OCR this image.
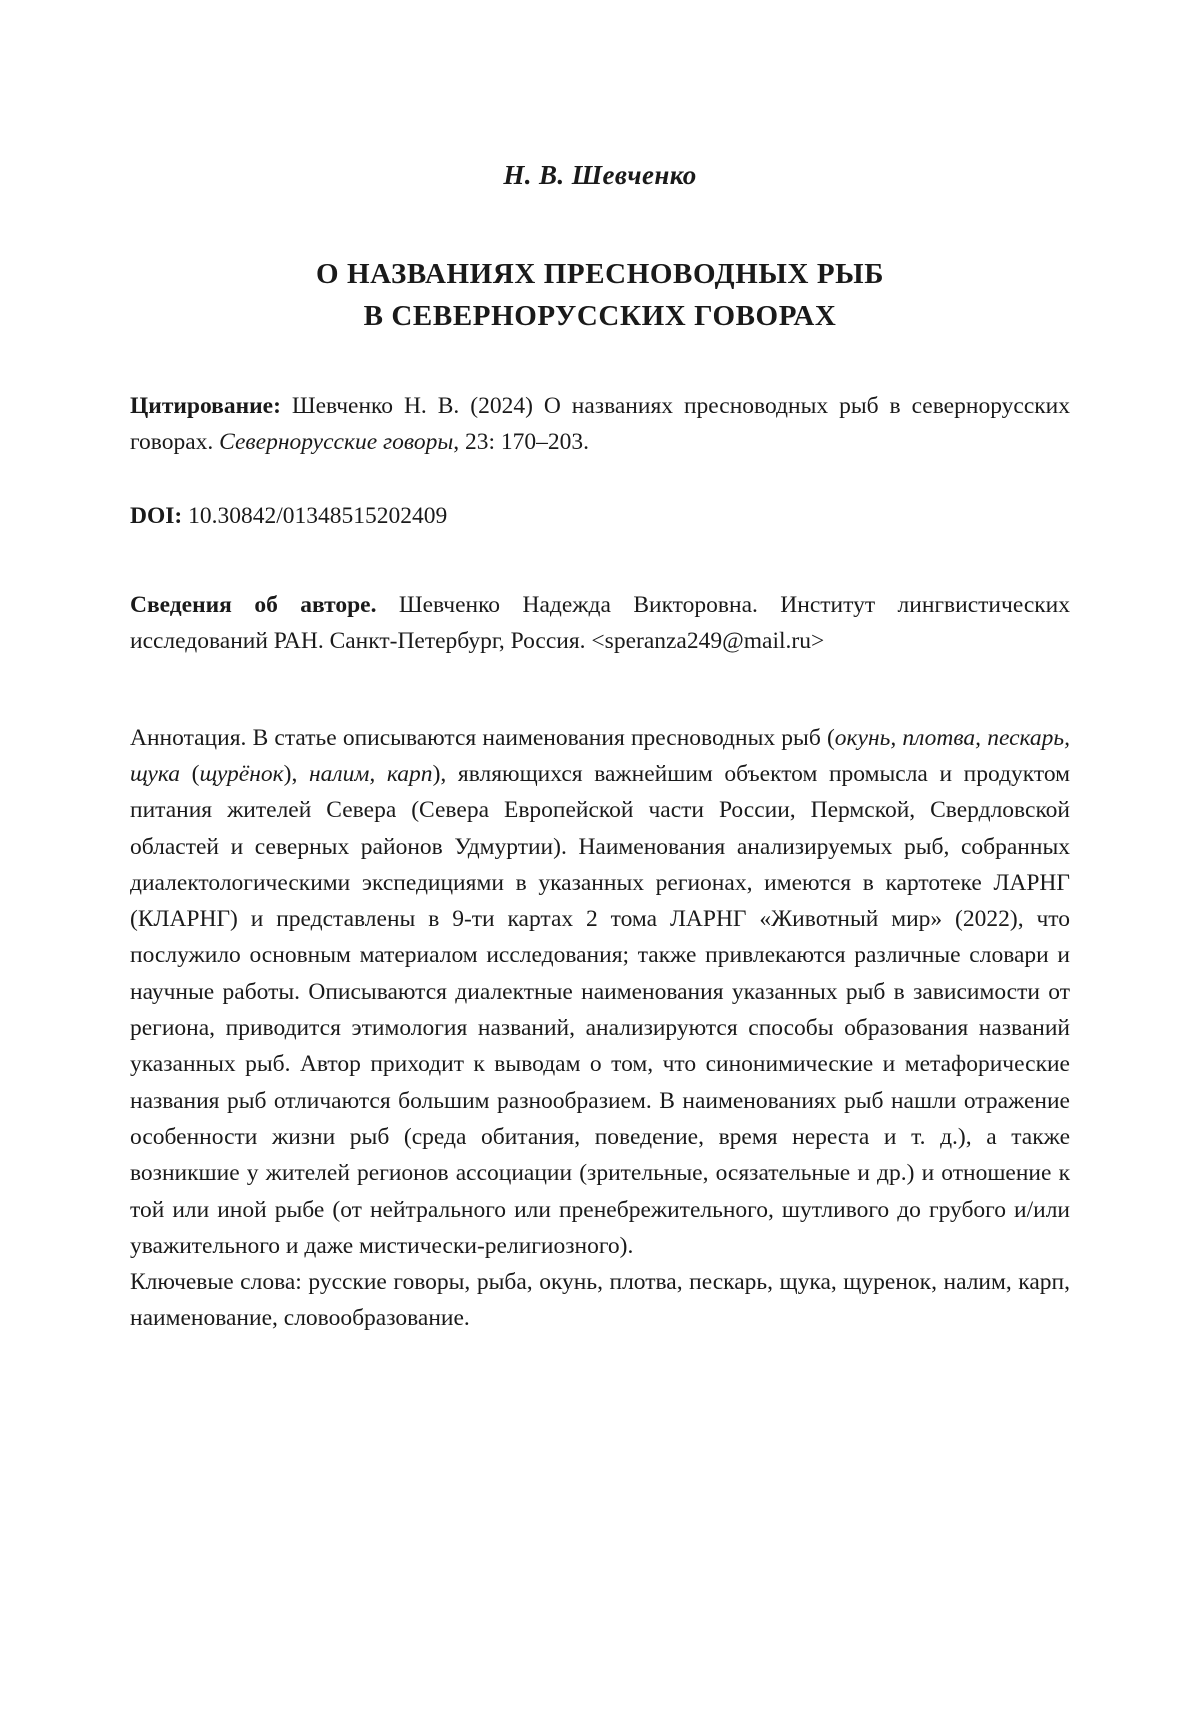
Н. В. Шевченко
О НАЗВАНИЯХ ПРЕСНОВОДНЫХ РЫБ
В СЕВЕРНОРУССКИХ ГОВОРАХ

Цитирование: Шевченко Н. В. (2024) О названиях пресноводных рыб в севернорусских говорах. Севернорусские говоры, 23: 170–203.

DOI: 10.30842/01348515202409

Сведения об авторе. Шевченко Надежда Викторовна. Институт лингвистических исследований РАН. Санкт-Петербург, Россия. <speranza249@mail.ru>

Аннотация. В статье описываются наименования пресноводных рыб (окунь, плотва, пескарь, щука (щурёнок), налим, карп), являющихся важнейшим объектом промысла и продуктом питания жителей Севера (Севера Европейской части России, Пермской, Свердловской областей и северных районов Удмуртии). Наименования анализируемых рыб, собранных диалектологическими экспедициями в указанных регионах, имеются в картотеке ЛАРНГ (КЛАРНГ) и представлены в 9-ти картах 2 тома ЛАРНГ «Животный мир» (2022), что послужило основным материалом исследования; также привлекаются различные словари и научные работы. Описываются диалектные наименования указанных рыб в зависимости от региона, приводится этимология названий, анализируются способы образования названий указанных рыб. Автор приходит к выводам о том, что синонимические и метафорические названия рыб отличаются большим разнообразием. В наименованиях рыб нашли отражение особенности жизни рыб (среда обитания, поведение, время нереста и т. д.), а также возникшие у жителей регионов ассоциации (зрительные, осязательные и др.) и отношение к той или иной рыбе (от нейтрального или пренебрежительного, шутливого до грубого и/или уважительного и даже мистически-религиозного).

Ключевые слова: русские говоры, рыба, окунь, плотва, пескарь, щука, щуренок, налим, карп, наименование, словообразование.
